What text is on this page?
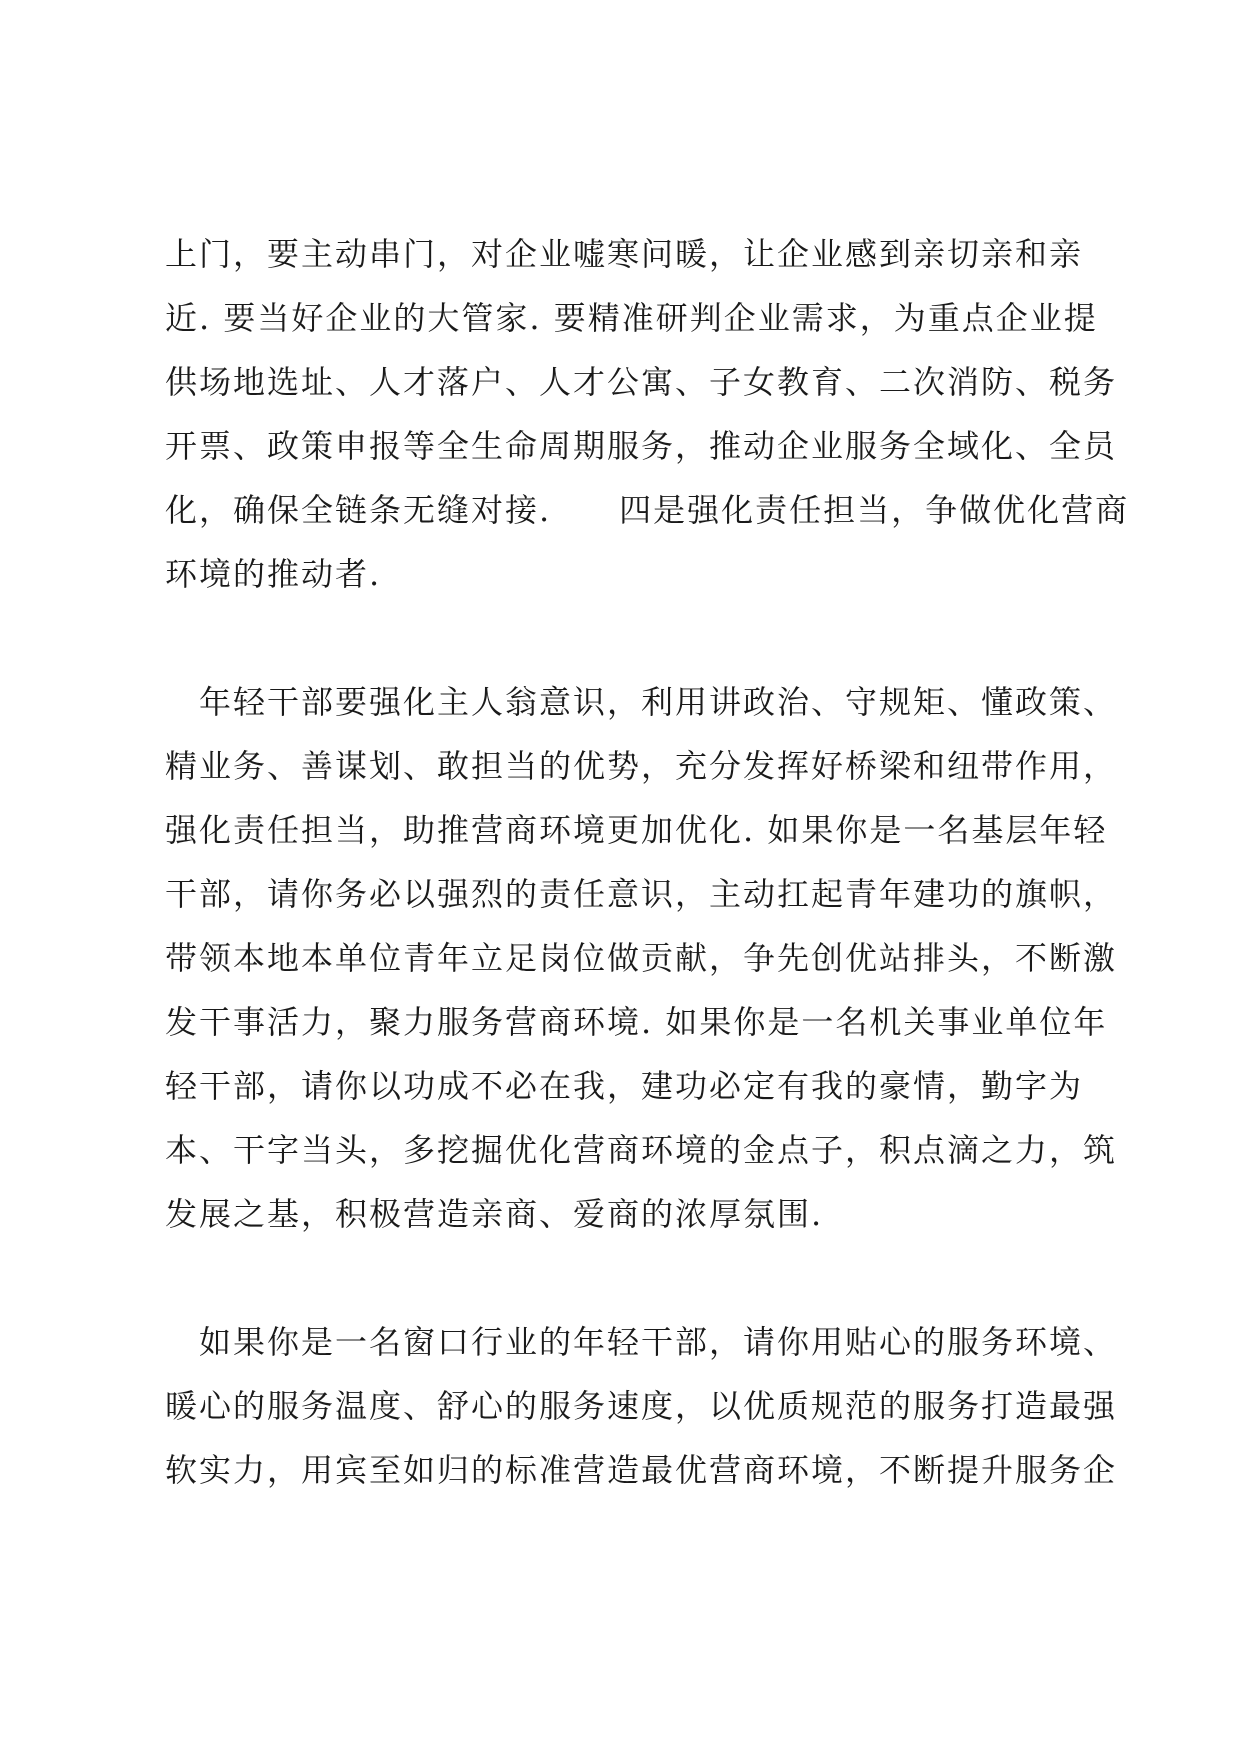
上门，要主动串门，对企业嘘寒问暖，让企业感到亲切亲和亲
近. 要当好企业的大管家. 要精准研判企业需求，为重点企业提
供场地选址、人才落户、人才公寓、子女教育、二次消防、税务
开票、政策申报等全生命周期服务，推动企业服务全域化、全员
化，确保全链条无缝对接.　　四是强化责任担当，争做优化营商
环境的推动者.
　年轻干部要强化主人翁意识，利用讲政治、守规矩、懂政策、
精业务、善谋划、敢担当的优势，充分发挥好桥梁和纽带作用，
强化责任担当，助推营商环境更加优化. 如果你是一名基层年轻
干部，请你务必以强烈的责任意识，主动扛起青年建功的旗帜，
带领本地本单位青年立足岗位做贡献，争先创优站排头，不断激
发干事活力，聚力服务营商环境. 如果你是一名机关事业单位年
轻干部，请你以功成不必在我，建功必定有我的豪情，勤字为
本、干字当头，多挖掘优化营商环境的金点子，积点滴之力，筑
发展之基，积极营造亲商、爱商的浓厚氛围.
　如果你是一名窗口行业的年轻干部，请你用贴心的服务环境、
暖心的服务温度、舒心的服务速度，以优质规范的服务打造最强
软实力，用宾至如归的标准营造最优营商环境，不断提升服务企
